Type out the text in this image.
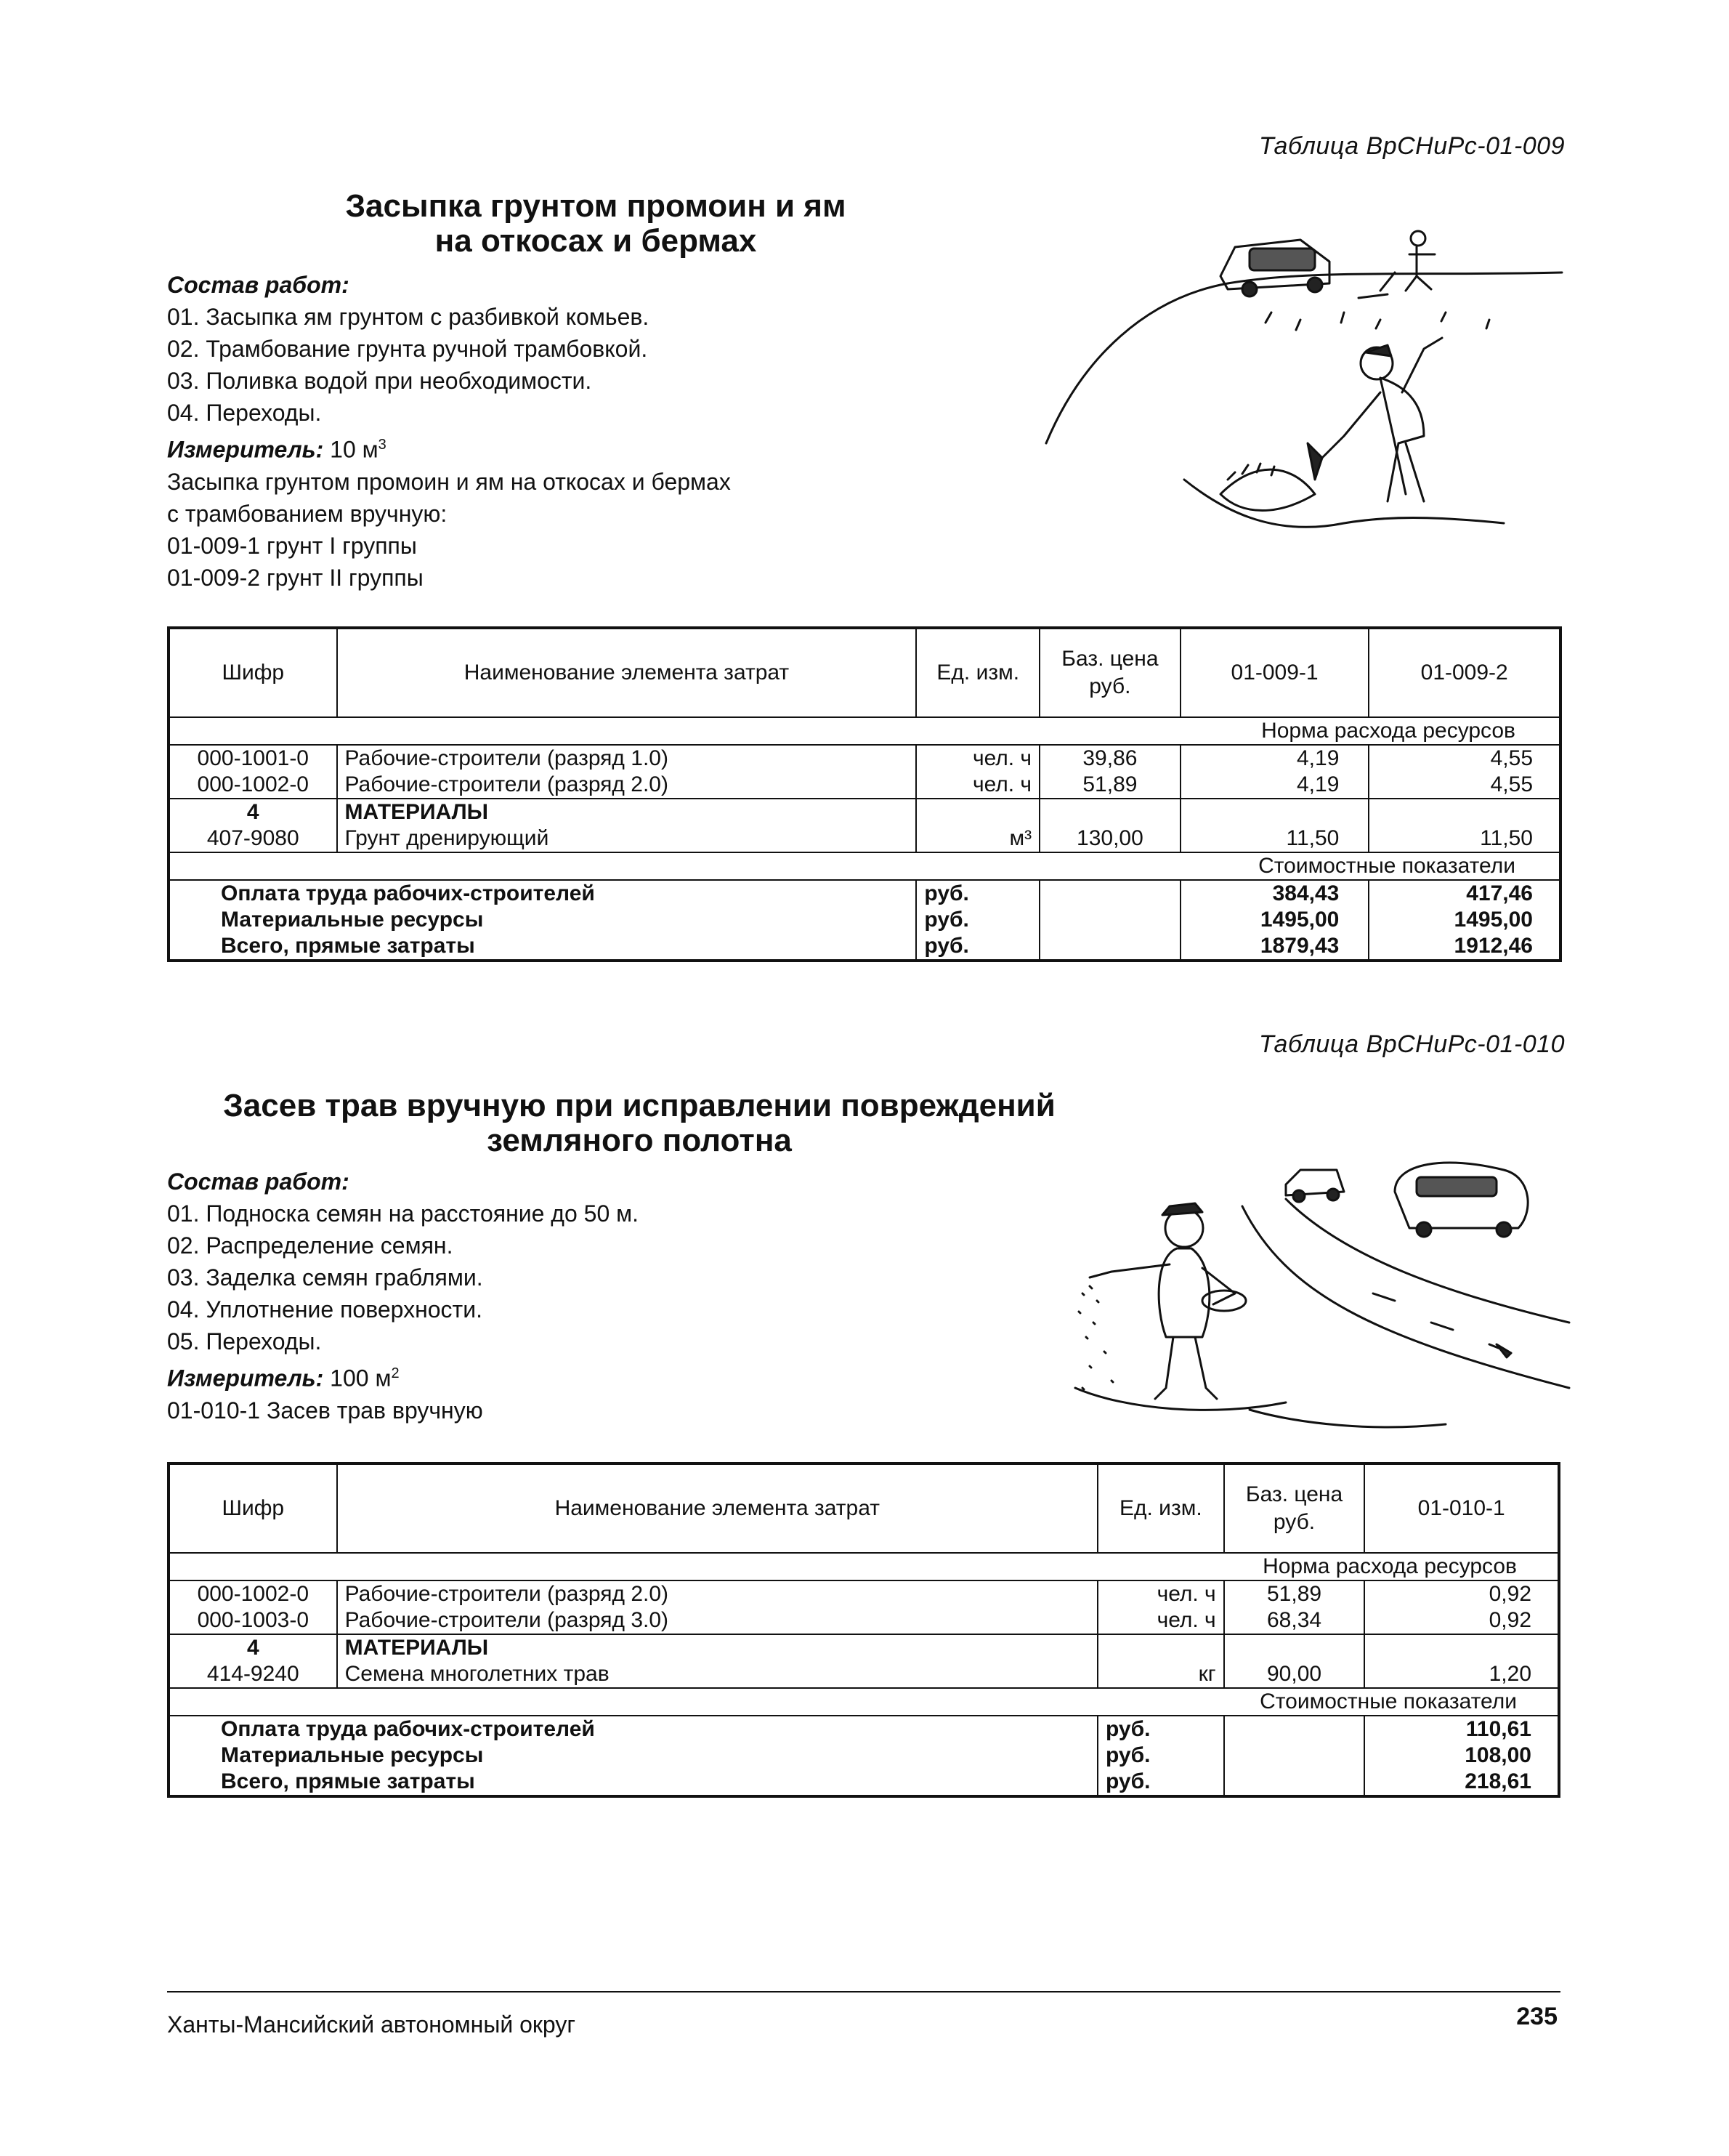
Таблица ВрСНиРс-01-009
Засыпка грунтом промоин и ям
на откосах и бермах
Состав работ:
01. Засыпка ям грунтом с разбивкой комьев.
02. Трамбование грунта ручной трамбовкой.
03. Поливка водой при необходимости.
04. Переходы.
Измеритель: 10 $м^3$
Засыпка грунтом промоин и ям на откосах и бермах
с трамбованием вручную:
01-009-1 грунт I группы
01-009-2 грунт II группы
Шифр	Наименование элемента затрат	Ед. изм.	Баз. цена руб.	01-009-1	01-009-2
Норма расхода ресурсов					
000-1001-0	Рабочие-строители (разряд 1.0)	чел. ч	39,86	4,19	4,55
000-1002-0	Рабочие-строители (разряд 2.0)	чел. ч	51,89	4,19	4,55
4	МАТЕРИАЛЫ				
407-9080	Грунт дренирующий	м³	130,00	11,50	11,50
Стоимостные показатели					
Оплата труда рабочих-строителей		руб.		384,43	417,46
Материальные ресурсы		руб.		1495,00	1495,00
Всего, прямые затраты		руб.		1879,43	1912,46
Таблица ВрСНиРс-01-010
Засев трав вручную при исправлении повреждений
земляного полотна
Состав работ:
01. Подноска семян на расстояние до 50 м.
02. Распределение семян.
03. Заделка семян граблями.
04. Уплотнение поверхности.
05. Переходы.
Измеритель: 100 $м^2$
01-010-1 Засев трав вручную
Шифр	Наименование элемента затрат	Ед. изм.	Баз. цена руб.	01-010-1
Норма расхода ресурсов				
000-1002-0	Рабочие-строители (разряд 2.0)	чел. ч	51,89	0,92
000-1003-0	Рабочие-строители (разряд 3.0)	чел. ч	68,34	0,92
4	МАТЕРИАЛЫ			
414-9240	Семена многолетних трав	кг	90,00	1,20
Стоимостные показатели				
Оплата труда рабочих-строителей		руб.		110,61
Материальные ресурсы		руб.		108,00
Всего, прямые затраты		руб.		218,61
Ханты-Мансийский автономный округ	235
